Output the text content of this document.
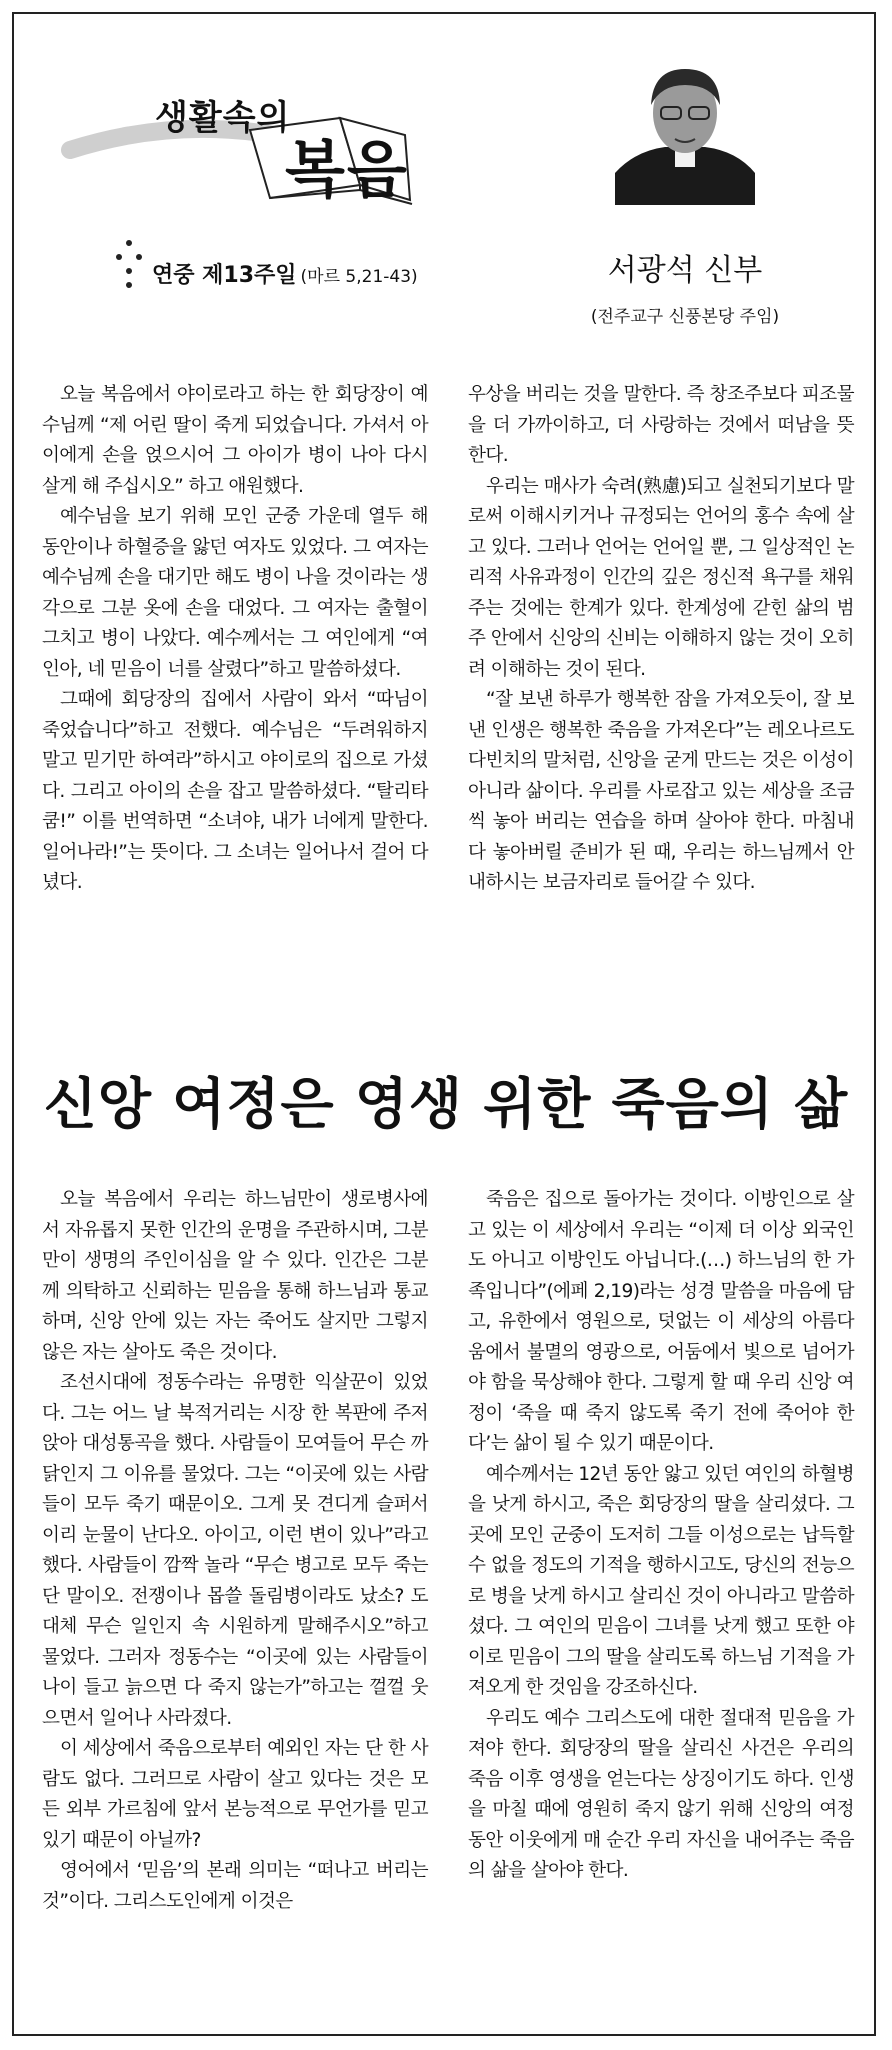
생활속의
복음
연중 제13주일 (마르 5,21-43)	서광석 신부
(전주교구 신풍본당 주임)

오늘 복음에서 야이로라고 하는 한 회당장이 예수님께 “제 어린 딸이 죽게 되었습니다. 가셔서 아이에게 손을 얹으시어 그 아이가 병이 나아 다시 살게 해 주십시오” 하고 애원했다.

예수님을 보기 위해 모인 군중 가운데 열두 해 동안이나 하혈증을 앓던 여자도 있었다. 그 여자는 예수님께 손을 대기만 해도 병이 나을 것이라는 생각으로 그분 옷에 손을 대었다. 그 여자는 출혈이 그치고 병이 나았다. 예수께서는 그 여인에게 “여인아, 네 믿음이 너를 살렸다”하고 말씀하셨다.

그때에 회당장의 집에서 사람이 와서 “따님이 죽었습니다”하고 전했다. 예수님은 “두려워하지 말고 믿기만 하여라”하시고 야이로의 집으로 가셨다. 그리고 아이의 손을 잡고 말씀하셨다. “탈리타 쿰!” 이를 번역하면 “소녀야, 내가 너에게 말한다. 일어나라!”는 뜻이다. 그 소녀는 일어나서 걸어 다녔다.

우상을 버리는 것을 말한다. 즉 창조주보다 피조물을 더 가까이하고, 더 사랑하는 것에서 떠남을 뜻한다.

우리는 매사가 숙려(熟慮)되고 실천되기보다 말로써 이해시키거나 규정되는 언어의 홍수 속에 살고 있다. 그러나 언어는 언어일 뿐, 그 일상적인 논리적 사유과정이 인간의 깊은 정신적 욕구를 채워주는 것에는 한계가 있다. 한계성에 갇힌 삶의 범주 안에서 신앙의 신비는 이해하지 않는 것이 오히려 이해하는 것이 된다.

“잘 보낸 하루가 행복한 잠을 가져오듯이, 잘 보낸 인생은 행복한 죽음을 가져온다”는 레오나르도 다빈치의 말처럼, 신앙을 굳게 만드는 것은 이성이 아니라 삶이다. 우리를 사로잡고 있는 세상을 조금씩 놓아 버리는 연습을 하며 살아야 한다. 마침내 다 놓아버릴 준비가 된 때, 우리는 하느님께서 안내하시는 보금자리로 들어갈 수 있다.

신앙 여정은 영생 위한 죽음의 삶

오늘 복음에서 우리는 하느님만이 생로병사에서 자유롭지 못한 인간의 운명을 주관하시며, 그분만이 생명의 주인이심을 알 수 있다. 인간은 그분께 의탁하고 신뢰하는 믿음을 통해 하느님과 통교하며, 신앙 안에 있는 자는 죽어도 살지만 그렇지 않은 자는 살아도 죽은 것이다.

조선시대에 정동수라는 유명한 익살꾼이 있었다. 그는 어느 날 북적거리는 시장 한 복판에 주저앉아 대성통곡을 했다. 사람들이 모여들어 무슨 까닭인지 그 이유를 물었다. 그는 “이곳에 있는 사람들이 모두 죽기 때문이오. 그게 못 견디게 슬퍼서 이리 눈물이 난다오. 아이고, 이런 변이 있나”라고 했다. 사람들이 깜짝 놀라 “무슨 병고로 모두 죽는단 말이오. 전쟁이나 몹쓸 돌림병이라도 났소? 도대체 무슨 일인지 속 시원하게 말해주시오”하고 물었다. 그러자 정동수는 “이곳에 있는 사람들이 나이 들고 늙으면 다 죽지 않는가”하고는 껄껄 웃으면서 일어나 사라졌다.

이 세상에서 죽음으로부터 예외인 자는 단 한 사람도 없다. 그러므로 사람이 살고 있다는 것은 모든 외부 가르침에 앞서 본능적으로 무언가를 믿고 있기 때문이 아닐까?

영어에서 ‘믿음’의 본래 의미는 “떠나고 버리는 것”이다. 그리스도인에게 이것은

죽음은 집으로 돌아가는 것이다. 이방인으로 살고 있는 이 세상에서 우리는 “이제 더 이상 외국인도 아니고 이방인도 아닙니다.(…) 하느님의 한 가족입니다”(에페 2,19)라는 성경 말씀을 마음에 담고, 유한에서 영원으로, 덧없는 이 세상의 아름다움에서 불멸의 영광으로, 어둠에서 빛으로 넘어가야 함을 묵상해야 한다. 그렇게 할 때 우리 신앙 여정이 ‘죽을 때 죽지 않도록 죽기 전에 죽어야 한다’는 삶이 될 수 있기 때문이다.

예수께서는 12년 동안 앓고 있던 여인의 하혈병을 낫게 하시고, 죽은 회당장의 딸을 살리셨다. 그곳에 모인 군중이 도저히 그들 이성으로는 납득할 수 없을 정도의 기적을 행하시고도, 당신의 전능으로 병을 낫게 하시고 살리신 것이 아니라고 말씀하셨다. 그 여인의 믿음이 그녀를 낫게 했고 또한 야이로 믿음이 그의 딸을 살리도록 하느님 기적을 가져오게 한 것임을 강조하신다.

우리도 예수 그리스도에 대한 절대적 믿음을 가져야 한다. 회당장의 딸을 살리신 사건은 우리의 죽음 이후 영생을 얻는다는 상징이기도 하다. 인생을 마칠 때에 영원히 죽지 않기 위해 신앙의 여정 동안 이웃에게 매 순간 우리 자신을 내어주는 죽음의 삶을 살아야 한다.
